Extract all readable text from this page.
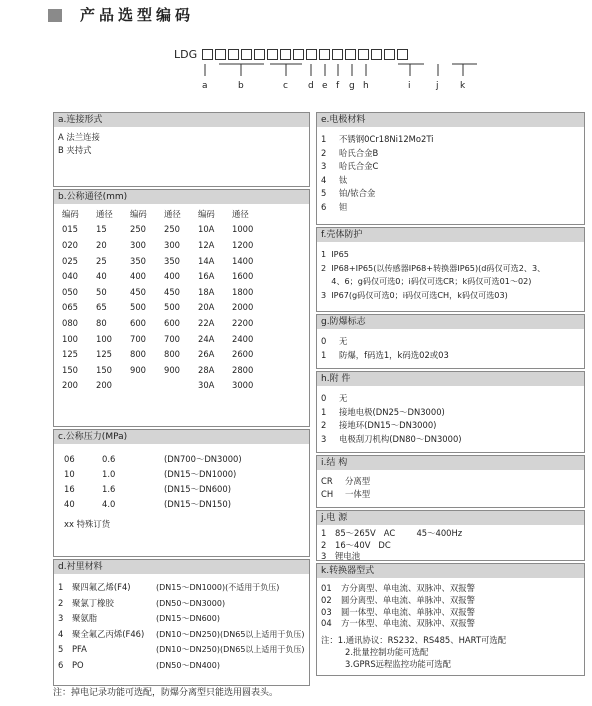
产品选型编码
LDG
a	b	c d e f g h	i	j k
a.连接形式
A 法兰连接
B 夹持式
b.公称通径(mm)
编码	通径	编码	通径	编码	通径
015	15	250	250	10A	1000
020	20	300	300	12A	1200
025	25	350	350	14A	1400
040	40	400	400	16A	1600
050	50	450	450	18A	1800
065	65	500	500	20A	2000
080	80	600	600	22A	2200
100	100	700	700	24A	2400
125	125	800	800	26A	2600
150	150	900	900	28A	2800
200	200			30A	3000
c.公称压力(MPa)
06	0.6	(DN700～DN3000)
10	1.0	(DN15～DN1000)
16	1.6	(DN15～DN600)
40	4.0	(DN15～DN150)
xx 特殊订货
d.衬里材料
1	聚四氟乙烯(F4)	(DN15～DN1000)(不适用于负压)
2	聚氯丁橡胶	(DN50～DN3000)
3	聚氨脂	(DN15～DN600)
4	聚全氟乙丙烯(F46)	(DN10～DN250)(DN65以上适用于负压)
5	PFA	(DN10～DN250)(DN65以上适用于负压)
6	PO	(DN50～DN400)
e.电极材料
1	不锈钢0Cr18Ni12Mo2Ti
2	哈氏合金B
3	哈氏合金C
4	钛
5	铂/铱合金
6	钽
f.壳体防护
1  IP65
2  IP68+IP65(以传感器IP68+转换器IP65)(d码仅可选2、3、
4、6；g码仅可选0；i码仅可选CR；k码仅可选01～02)
3  IP67(g码仅可选0；i码仅可选CH，k码仅可选03)
g.防爆标志
0	无
1	防爆，f码选1，k码选02或03
h.附 件
0	无
1	接地电极(DN25～DN3000)
2	接地环(DN15～DN3000)
3	电极刮刀机构(DN80～DN3000)
i.结 构
CR	分离型
CH	一体型
j.电 源
1	85～265V   AC        45～400Hz
2	16～40V   DC
3	锂电池
k.转换器型式
01	方分离型、单电流、双脉冲、双报警
02	圆分离型、单电流、单脉冲、双报警
03	圆一体型、单电流、单脉冲、双报警
04	方一体型、单电流、双脉冲、双报警
注：1.通讯协议：RS232、RS485、HART可选配
2.批量控制功能可选配
3.GPRS远程监控功能可选配
注：掉电记录功能可选配，防爆分离型只能选用圆表头。
